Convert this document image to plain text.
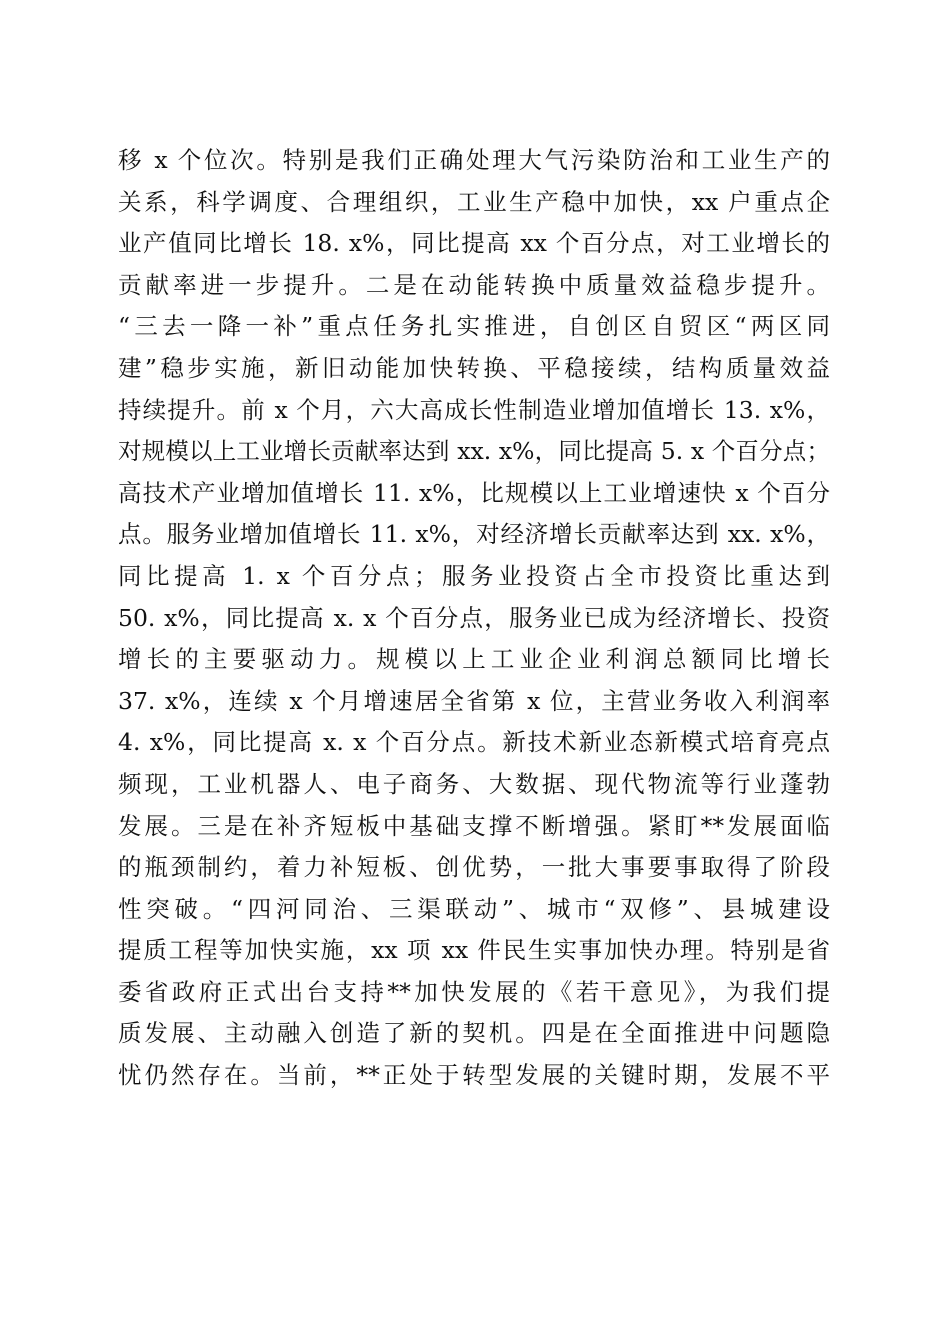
移 x 个位次。特别是我们正确处理大气污染防治和工业生产的
关系，科学调度、合理组织，工业生产稳中加快，xx 户重点企
业产值同比增长 18. x%，同比提高 xx 个百分点，对工业增长的
贡献率进一步提升。二是在动能转换中质量效益稳步提升。
“三去一降一补”重点任务扎实推进，自创区自贸区“两区同
建”稳步实施，新旧动能加快转换、平稳接续，结构质量效益
持续提升。前 x 个月，六大高成长性制造业增加值增长 13. x%，
对规模以上工业增长贡献率达到 xx. x%，同比提高 5. x 个百分点；
高技术产业增加值增长 11. x%，比规模以上工业增速快 x 个百分
点。服务业增加值增长 11. x%，对经济增长贡献率达到 xx. x%，
同比提高 1. x 个百分点；服务业投资占全市投资比重达到
50. x%，同比提高 x. x 个百分点，服务业已成为经济增长、投资
增长的主要驱动力。规模以上工业企业利润总额同比增长
37. x%，连续 x 个月增速居全省第 x 位，主营业务收入利润率
4. x%，同比提高 x. x 个百分点。新技术新业态新模式培育亮点
频现，工业机器人、电子商务、大数据、现代物流等行业蓬勃
发展。三是在补齐短板中基础支撑不断增强。紧盯**发展面临
的瓶颈制约，着力补短板、创优势，一批大事要事取得了阶段
性突破。“四河同治、三渠联动”、城市“双修”、县城建设
提质工程等加快实施，xx 项 xx 件民生实事加快办理。特别是省
委省政府正式出台支持**加快发展的《若干意见》，为我们提
质发展、主动融入创造了新的契机。四是在全面推进中问题隐
忧仍然存在。当前，**正处于转型发展的关键时期，发展不平
